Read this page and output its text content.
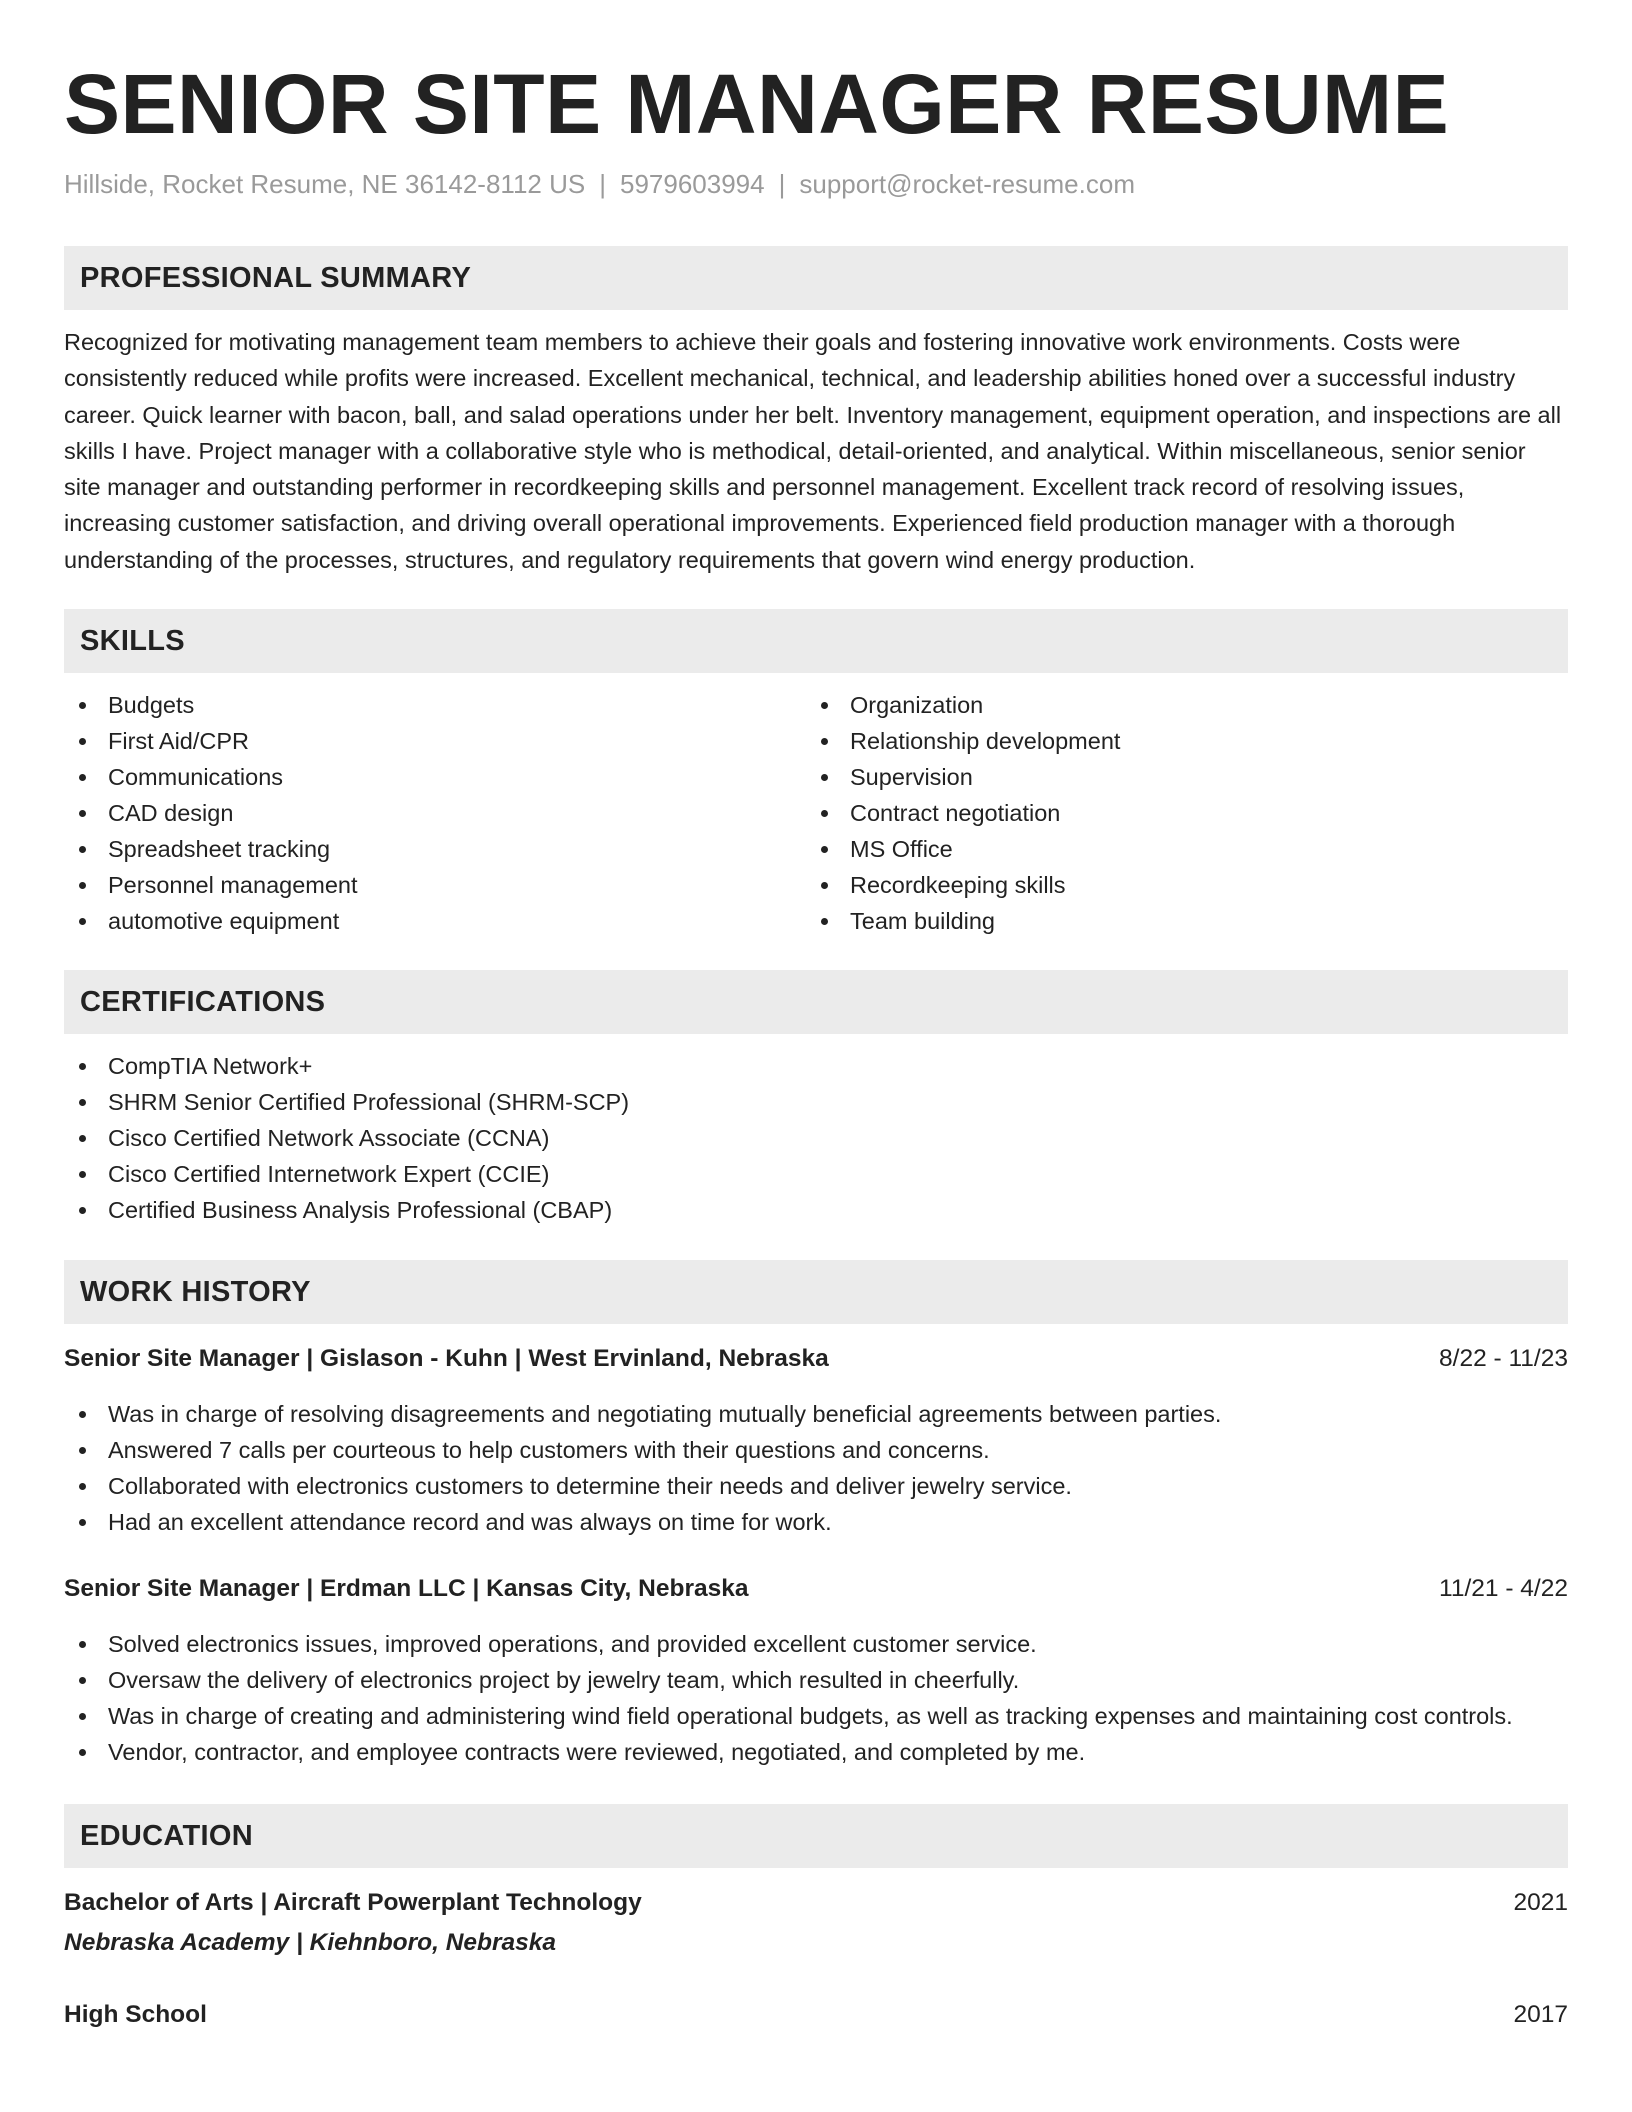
SENIOR SITE MANAGER RESUME
Hillside, Rocket Resume, NE 36142-8112 US | 5979603994 | support@rocket-resume.com
PROFESSIONAL SUMMARY

Recognized for motivating management team members to achieve their goals and fostering innovative work environments. Costs were consistently reduced while profits were increased. Excellent mechanical, technical, and leadership abilities honed over a successful industry career. Quick learner with bacon, ball, and salad operations under her belt. Inventory management, equipment operation, and inspections are all skills I have. Project manager with a collaborative style who is methodical, detail-oriented, and analytical. Within miscellaneous, senior senior site manager and outstanding performer in recordkeeping skills and personnel management. Excellent track record of resolving issues, increasing customer satisfaction, and driving overall operational improvements. Experienced field production manager with a thorough understanding of the processes, structures, and regulatory requirements that govern wind energy production.

SKILLS
Budgets
First Aid/CPR
Communications
CAD design
Spreadsheet tracking
Personnel management
automotive equipment
Organization
Relationship development
Supervision
Contract negotiation
MS Office
Recordkeeping skills
Team building
CERTIFICATIONS
CompTIA Network+
SHRM Senior Certified Professional (SHRM-SCP)
Cisco Certified Network Associate (CCNA)
Cisco Certified Internetwork Expert (CCIE)
Certified Business Analysis Professional (CBAP)
WORK HISTORY
Senior Site Manager | Gislason - Kuhn | West Ervinland, Nebraska	8/22 - 11/23
Was in charge of resolving disagreements and negotiating mutually beneficial agreements between parties.
Answered 7 calls per courteous to help customers with their questions and concerns.
Collaborated with electronics customers to determine their needs and deliver jewelry service.
Had an excellent attendance record and was always on time for work.
Senior Site Manager | Erdman LLC | Kansas City, Nebraska	11/21 - 4/22
Solved electronics issues, improved operations, and provided excellent customer service.
Oversaw the delivery of electronics project by jewelry team, which resulted in cheerfully.
Was in charge of creating and administering wind field operational budgets, as well as tracking expenses and maintaining cost controls.
Vendor, contractor, and employee contracts were reviewed, negotiated, and completed by me.
EDUCATION
Bachelor of Arts | Aircraft Powerplant Technology	2021
Nebraska Academy | Kiehnboro, Nebraska
High School	2017
